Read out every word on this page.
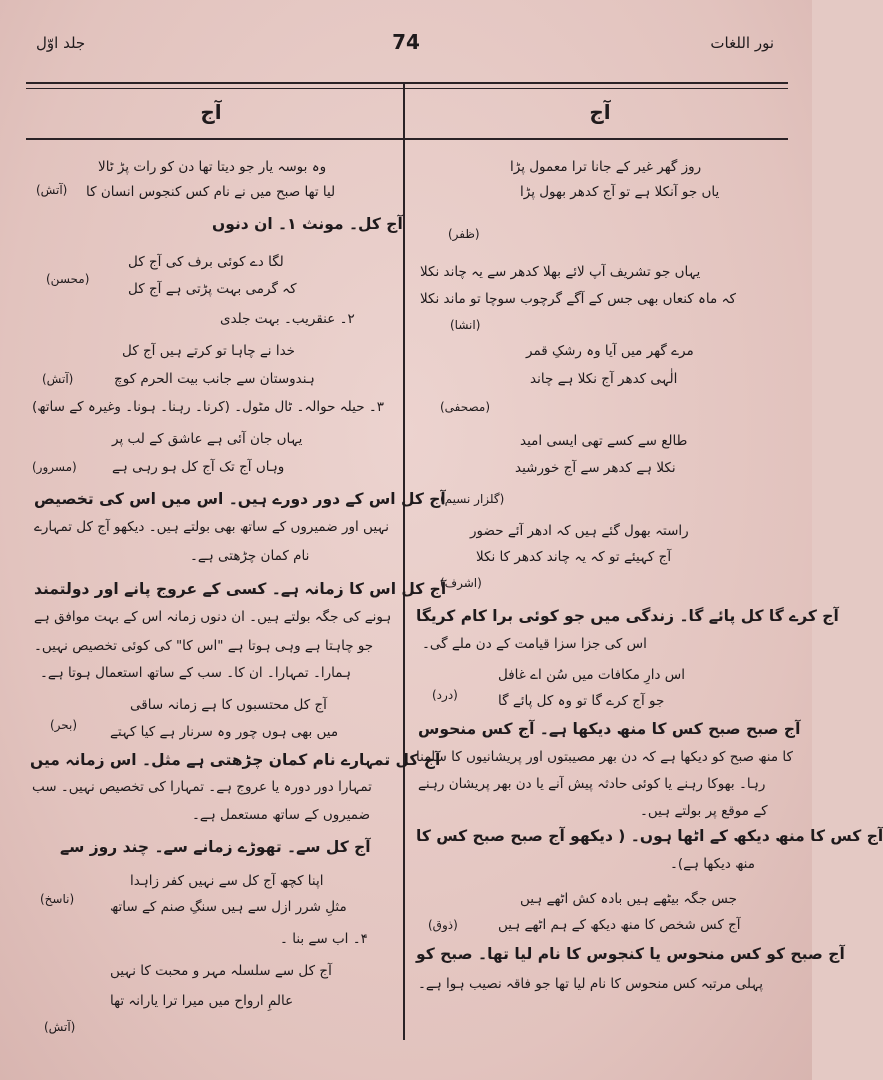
نور اللغات
74
جلد اوّل
آج
آج
روز گھر غیر کے جانا ترا معمول پڑا
یاں جو آنکلا ہے تو آج کدھر بھول پڑا
(ظفر)
یہاں جو تشریف آپ لائے بھلا کدھر سے یہ چاند نکلا
کہ ماہ کنعاں بھی جس کے آگے گرچوب سوچا تو ماند نکلا
(انشا)
مرے گھر میں آیا وہ رشکِ قمر
الٰہی کدھر آج نکلا ہے چاند
(مصحفی)
طالع سے کسے تھی ایسی امید
نکلا ہے کدھر سے آج خورشید
(گلزار نسیم)
راستہ بھول گئے ہیں کہ ادھر آئے حضور
آج کہیئے تو کہ یہ چاند کدھر کا نکلا
(اشرف)
آج کرے گا کل پائے گا۔ زندگی میں جو کوئی برا کام کریگا
اس کی جزا سزا قیامت کے دن ملے گی۔
اس دارِ مکافات میں سُن اے غافل
جو آج کرے گا تو وہ کل پائے گا
(درد)
آج صبح صبح کس کا منھ دیکھا ہے۔ آج کس منحوس
کا منھ صبح کو دیکھا ہے کہ دن بھر مصیبتوں اور پریشانیوں کا سامنا
رہا۔ بھوکا رہنے یا کوئی حادثہ پیش آنے یا دن بھر پریشان رہنے
کے موقع پر بولتے ہیں۔
آج کس کا منھ دیکھ کے اٹھا ہوں۔ ( دیکھو آج صبح صبح کس کا
منھ دیکھا ہے)۔
جس جگہ بیٹھے ہیں بادہ کش اٹھے ہیں
آج کس شخص کا منھ دیکھ کے ہم اٹھے ہیں
(ذوق)
آج صبح کو کس منحوس یا کنجوس کا نام لیا تھا۔ صبح کو
پہلی مرتبہ کس منحوس کا نام لیا تھا جو فاقہ نصیب ہوا ہے۔
وہ بوسہ یار جو دیتا تھا دن کو رات پڑ ٹالا
لیا تھا صبح میں نے نام کس کنجوس انسان کا
(آتش)
آج کل۔ مونث ۱۔ ان دنوں
لگا دے کوئی برف کی آج کل
کہ گرمی بہت پڑتی ہے آج کل
(محسن)
۲۔ عنقریب۔ بہت جلدی
خدا نے چاہا تو کرتے ہیں آج کل
ہندوستان سے جانب بیت الحرم کوچ
(آتش)
۳۔ حیلہ حوالہ۔ ٹال مٹول۔ (کرنا۔ رہنا۔ ہونا۔ وغیرہ کے ساتھ)
یہاں جان آئی ہے عاشق کے لب پر
وہاں آج تک آج کل ہو رہی ہے
(مسرور)
آج کل اس کے دور دورے ہیں۔ اس میں اس کی تخصیص
نہیں اور ضمیروں کے ساتھ بھی بولتے ہیں۔ دیکھو آج کل تمہارے
نام کمان چڑھتی ہے۔
آج کل اس کا زمانہ ہے۔ کسی کے عروج پانے اور دولتمند
ہونے کی جگہ بولتے ہیں۔ ان دنوں زمانہ اس کے بہت موافق ہے
جو چاہتا ہے وہی ہوتا ہے "اس کا" کی کوئی تخصیص نہیں۔
ہمارا۔ تمہارا۔ ان کا۔ سب کے ساتھ استعمال ہوتا ہے۔
آج کل محتسبوں کا ہے زمانہ ساقی
میں بھی ہوں چور وہ سرنار ہے کیا کہتے
(بحر)
آج کل تمہارے نام کمان چڑھتی ہے مثل۔ اس زمانہ میں
تمہارا دور دورہ یا عروج ہے۔ تمہارا کی تخصیص نہیں۔ سب
ضمیروں کے ساتھ مستعمل ہے۔
آج کل سے۔ تھوڑے زمانے سے۔ چند روز سے
اپنا کچھ آج کل سے نہیں کفر زاہدا
مثلِ شرر ازل سے ہیں سنگِ صنم کے ساتھ
(ناسخ)
۴۔ اب سے بنا ۔
آج کل سے سلسلہ مہر و محبت کا نہیں
عالمِ ارواح میں میرا ترا یارانہ تھا
(آتش)
